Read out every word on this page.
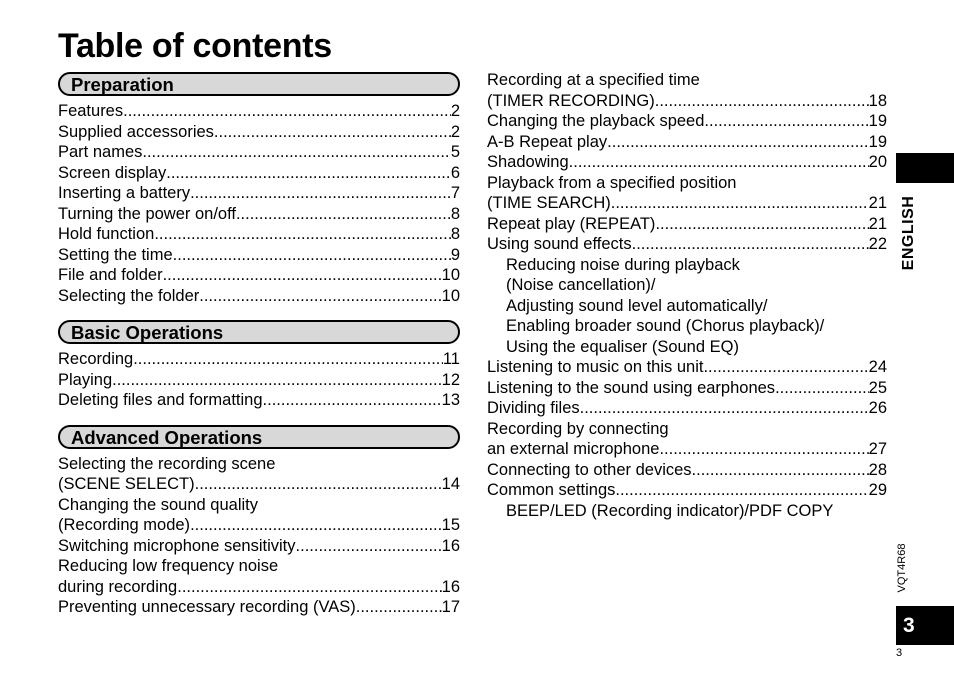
Table of contents
Preparation
Features .....	2
Supplied accessories .....	2
Part names .....	5
Screen display .....	6
Inserting a battery .....	7
Turning the power on/off .....	8
Hold function .....	8
Setting the time .....	9
File and folder .....	10
Selecting the folder .....	10
Basic Operations
Recording .....	11
Playing .....	12
Deleting files and formatting .....	13
Advanced Operations
Selecting the recording scene
(SCENE SELECT) .....	14
Changing the sound quality
(Recording mode) .....	15
Switching microphone sensitivity .....	16
Reducing low frequency noise
during recording .....	16
Preventing unnecessary recording (VAS) .....	17
Recording at a specified time
(TIMER RECORDING) .....	18
Changing the playback speed .....	19
A-B Repeat play .....	19
Shadowing .....	20
Playback from a specified position
(TIME SEARCH) .....	21
Repeat play (REPEAT) .....	21
Using sound effects .....	22
Reducing noise during playback
(Noise cancellation)/
Adjusting sound level automatically/
Enabling broader sound (Chorus playback)/
Using the equaliser (Sound EQ)
Listening to music on this unit .....	24
Listening to the sound using earphones .....	25
Dividing files .....	26
Recording by connecting
an external microphone .....	27
Connecting to other devices .....	28
Common settings .....	29
BEEP/LED (Recording indicator)/PDF COPY
ENGLISH
VQT4R68
3
3
